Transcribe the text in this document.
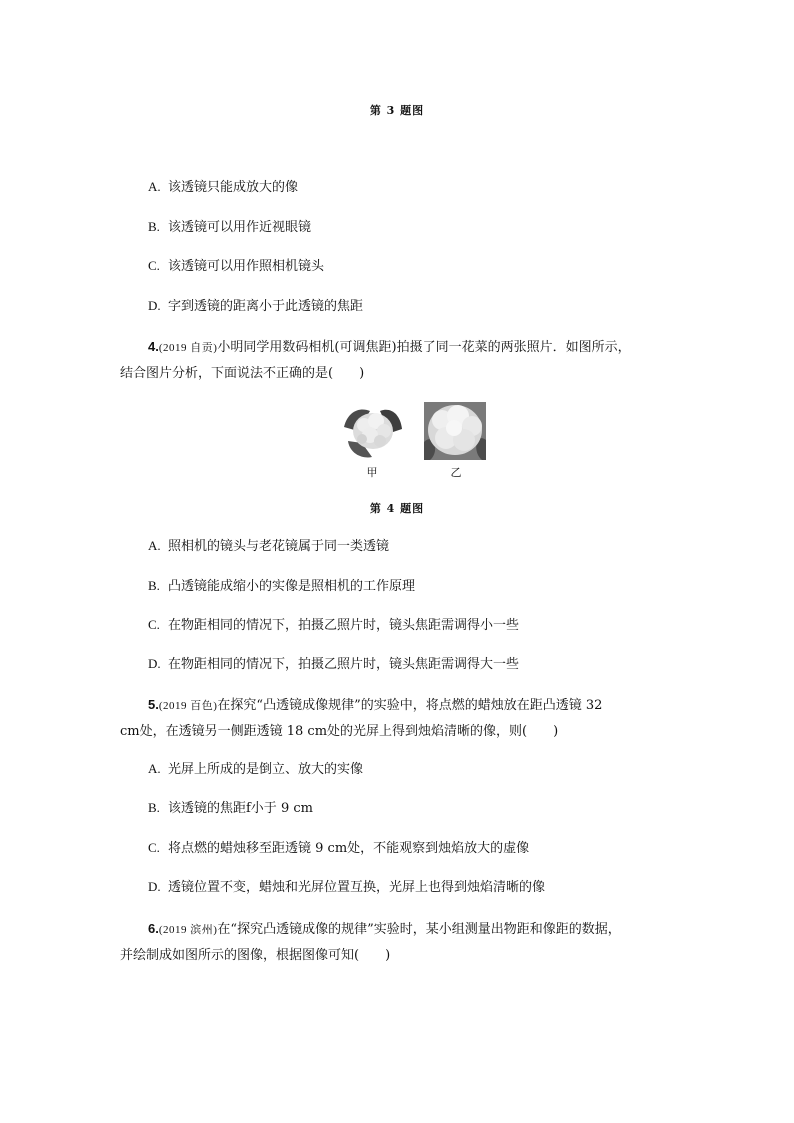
第 3 题图
A. 该透镜只能成放大的像
B. 该透镜可以用作近视眼镜
C. 该透镜可以用作照相机镜头
D. 字到透镜的距离小于此透镜的焦距
4.(2019 自贡)小明同学用数码相机(可调焦距)拍摄了同一花菜的两张照片．如图所示，
结合图片分析，下面说法不正确的是(　　)
甲	乙
第 4 题图
A. 照相机的镜头与老花镜属于同一类透镜
B. 凸透镜能成缩小的实像是照相机的工作原理
C. 在物距相同的情况下，拍摄乙照片时，镜头焦距需调得小一些
D. 在物距相同的情况下，拍摄乙照片时，镜头焦距需调得大一些
5.(2019 百色)在探究“凸透镜成像规律”的实验中，将点燃的蜡烛放在距凸透镜 32
cm处，在透镜另一侧距透镜 18 cm处的光屏上得到烛焰清晰的像，则(　　)
A. 光屏上所成的是倒立、放大的实像
B. 该透镜的焦距f小于 9 cm
C. 将点燃的蜡烛移至距透镜 9 cm处，不能观察到烛焰放大的虚像
D. 透镜位置不变，蜡烛和光屏位置互换，光屏上也得到烛焰清晰的像
6.(2019 滨州)在“探究凸透镜成像的规律”实验时，某小组测量出物距和像距的数据，
并绘制成如图所示的图像，根据图像可知(　　)
